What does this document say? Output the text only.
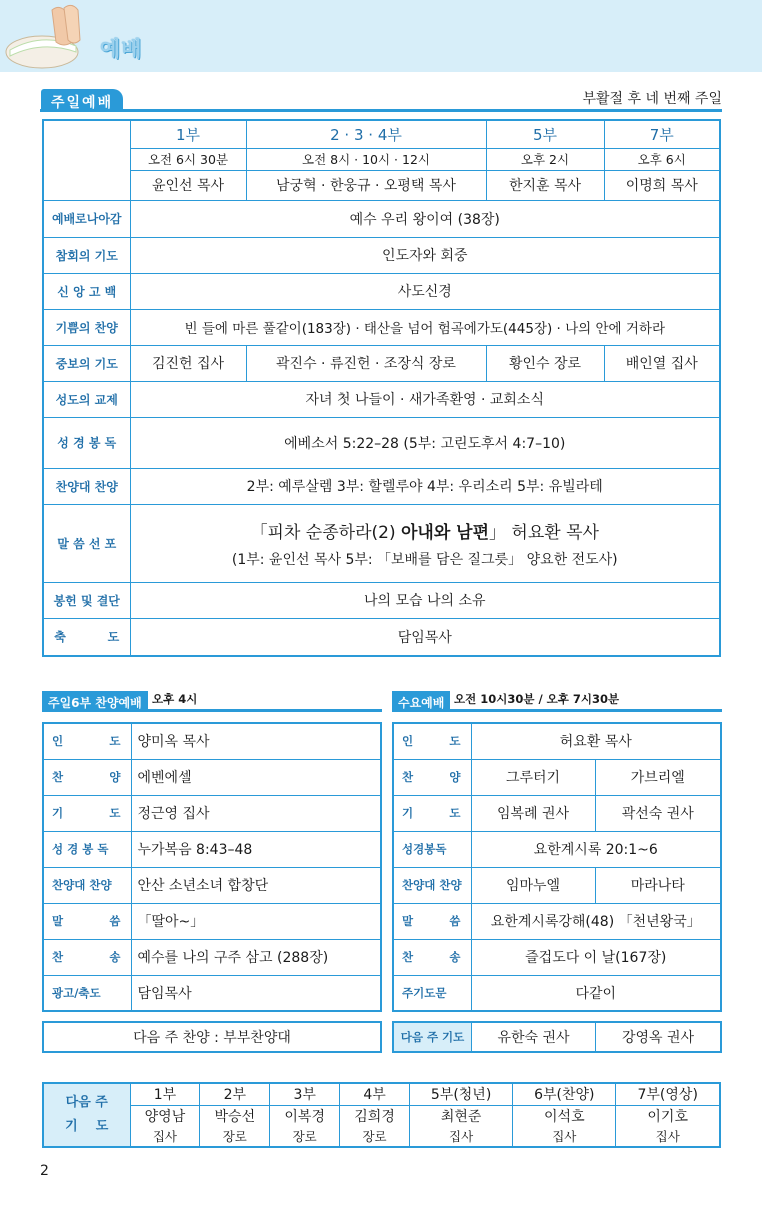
예배
주일예배	부활절 후 네 번째 주일
	1부	2 · 3 · 4부	5부	7부
	오전 6시 30분	오전 8시 · 10시 · 12시	오후 2시	오후 6시
	윤인선 목사	남궁혁 · 한웅규 · 오평택 목사	한지훈 목사	이명희 목사
예배로나아감	예수 우리 왕이여 (38장)			
참회의 기도	인도자와 회중			
신 앙 고 백	사도신경			
기쁨의 찬양	빈 들에 마른 풀같이(183장) · 태산을 넘어 험곡에가도(445장) · 나의 안에 거하라			
중보의 기도	김진헌 집사	곽진수 · 류진헌 · 조장식 장로	황인수 장로	배인열 집사
성도의 교제	자녀 첫 나들이 · 새가족환영 · 교회소식			
성 경 봉 독	에베소서 5:22–28 (5부: 고린도후서 4:7–10)			
찬양대 찬양	2부: 예루살렘 3부: 할렐루야 4부: 우리소리 5부: 유빌라테			
말 씀 선 포	「피차 순종하라(2) 아내와 남편」 허요환 목사
(1부: 윤인선 목사 5부: 「보배를 담은 질그릇」 양요한 전도사)			

봉헌 및 결단	나의 모습 나의 소유			
축          도	담임목사			
주일6부 찬양예배 오후 4시
인 도	양미옥 목사

찬 양	에벤에셀

기 도	정근영 집사

성 경 봉 독	누가복음 8:43–48

찬양대 찬양	안산 소년소녀 합창단

말 씀	「딸아~」

찬 송	예수를 나의 구주 삼고 (288장)

광고/축도	담임목사
다음 주 찬양 : 부부찬양대
수요예배 오전 10시30분 / 오후 7시30분
인 도	허요환 목사	

찬 양	그루터기	가브리엘

기 도	임복례 권사	곽선숙 권사

성경봉독	요한계시록 20:1~6	

찬양대 찬양	임마누엘	마라나타

말 씀	요한계시록강해(48) 「천년왕국」	

찬 송	즐겁도다 이 날(167장)	

주기도문	다같이	
다음 주 기도	유한숙 권사	강영옥 권사
다음 주
기    도	1부	2부	3부	4부	5부(청년)	6부(찬양)	7부(영상)
	양영남	박승선	이복경	김희경	최현준	이석호	이기호
	집사	장로	장로	장로	집사	집사	집사
2
